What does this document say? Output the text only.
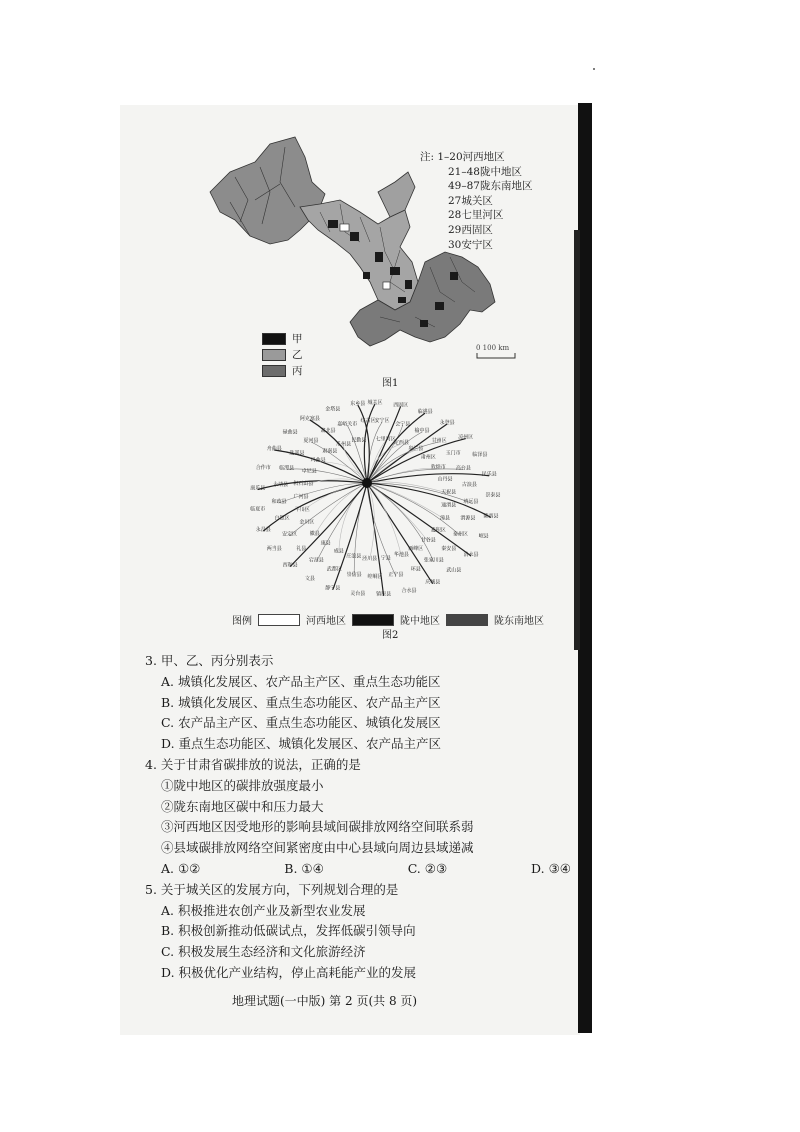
注: 1–20河西地区
21–48陇中地区
49–87陇东南地区
27城关区
28七里河区
29西固区
30安宁区
甲
乙
丙
0 100 km
图1
城关区
安宁区
七里河区
西固区
会宁县
定西县
临洮县
榆中县
皋兰县
永登县
甘州区
肃州区
凉州区
玉门市
敦煌市
临泽县
高台县
山丹县
民乐县
古浪县
天祝县
景泰县
靖远县
通渭县
陇西县
渭源县
漳县
岷县
秦州区
麦积区
清水县
秦安县
甘谷县
武山县
张家川县
西峰区
庆城县
环县
华池县
合水县
正宁县
宁县
镇原县
崆峒区
泾川县
灵台县
崇信县
庄浪县
静宁县
武都区
成县
文县
宕昌县
康县
西和县
礼县
徽县
两当县
安定区
金川区
永昌县
白银区
平川区
临夏市
和政县
广河县
康乐县
永靖县 积石山县
合作市 临潭县
卓尼县
舟曲县
迭部县
玛曲县
碌曲县
夏河县
肃南县
阿克塞县
肃北县
瓜州县
金塔县
嘉峪关市
民勤县
东乡县
红古区
图例	河西地区	陇中地区	陇东南地区
图2
3. 甲、乙、丙分别表示
A. 城镇化发展区、农产品主产区、重点生态功能区
B. 城镇化发展区、重点生态功能区、农产品主产区
C. 农产品主产区、重点生态功能区、城镇化发展区
D. 重点生态功能区、城镇化发展区、农产品主产区
4. 关于甘肃省碳排放的说法，正确的是
①陇中地区的碳排放强度最小
②陇东南地区碳中和压力最大
③河西地区因受地形的影响县域间碳排放网络空间联系弱
④县域碳排放网络空间紧密度由中心县域向周边县域递减
A. ①②	B. ①④	C. ②③	D. ③④
5. 关于城关区的发展方向，下列规划合理的是
A. 积极推进农创产业及新型农业发展
B. 积极创新推动低碳试点，发挥低碳引领导向
C. 积极发展生态经济和文化旅游经济
D. 积极优化产业结构，停止高耗能产业的发展
地理试题(一中版) 第 2 页(共 8 页)
